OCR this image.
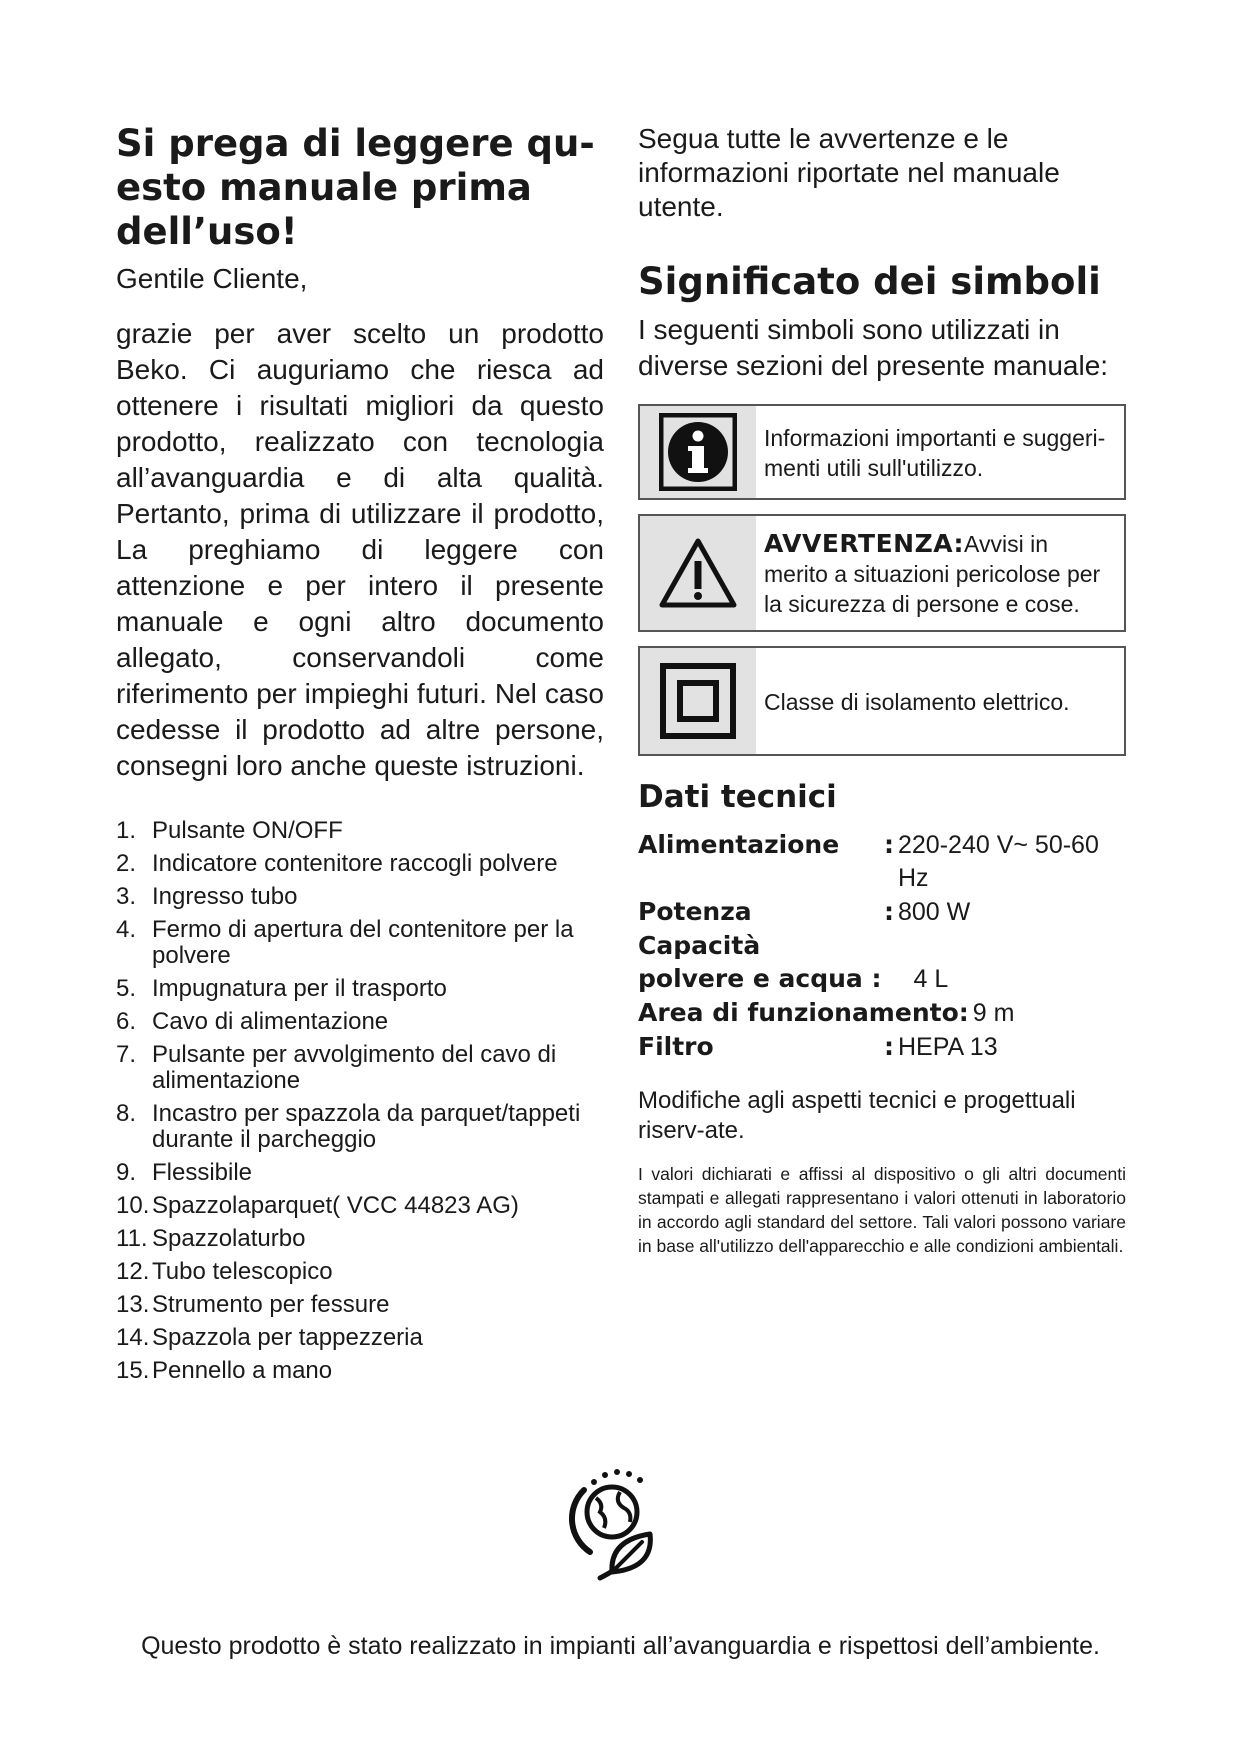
Si prega di leggere qu-
esto manuale prima
dell’uso!

Gentile Cliente,

grazie per aver scelto un prodotto Beko. Ci auguriamo che riesca ad ottenere i risultati migliori da questo prodotto, realizzato con tecnologia all’avanguardia e di alta qualità. Pertanto, prima di utilizzare il prodotto, La preghiamo di leggere con attenzione e per intero il presente manuale e ogni altro documento allegato, conservandoli come riferimento per impieghi futuri. Nel caso cedesse il prodotto ad altre persone, consegni loro anche queste istruzioni.

1. Pulsante ON/OFF
2. Indicatore contenitore raccogli polvere
3. Ingresso tubo
4. Fermo di apertura del contenitore per la polvere
5. Impugnatura per il trasporto
6. Cavo di alimentazione
7. Pulsante per avvolgimento del cavo di alimentazione
8. Incastro per spazzola da parquet/tappeti durante il parcheggio
9. Flessibile
10. Spazzolaparquet( VCC 44823 AG)
11. Spazzolaturbo
12. Tubo telescopico
13. Strumento per fessure
14. Spazzola per tappezzeria
15. Pennello a mano

Segua tutte le avvertenze e le informazioni riportate nel manuale utente.

Significato dei simboli

I seguenti simboli sono utilizzati in diverse sezioni del presente manuale:

Informazioni importanti e suggeri-menti utili sull'utilizzo.
AVVERTENZA:Avvisi in merito a situazioni pericolose per la sicurezza di persone e cose.
Classe di isolamento elettrico.
Dati tecnici
Alimentazione	: 220-240 V~ 50-60 Hz
Potenza	: 800 W
Capacità
polvere e acqua : 4 L
Area di funzionamento: 9 m
Filtro	: HEPA 13

Modifiche agli aspetti tecnici e progettuali riserv-ate.

I valori dichiarati e affissi al dispositivo o gli altri documenti stampati e allegati rappresentano i valori ottenuti in laboratorio in accordo agli standard del settore. Tali valori possono variare in base all'utilizzo dell'apparecchio e alle condizioni ambientali.

Questo prodotto è stato realizzato in impianti all’avanguardia e rispettosi dell’ambiente.
